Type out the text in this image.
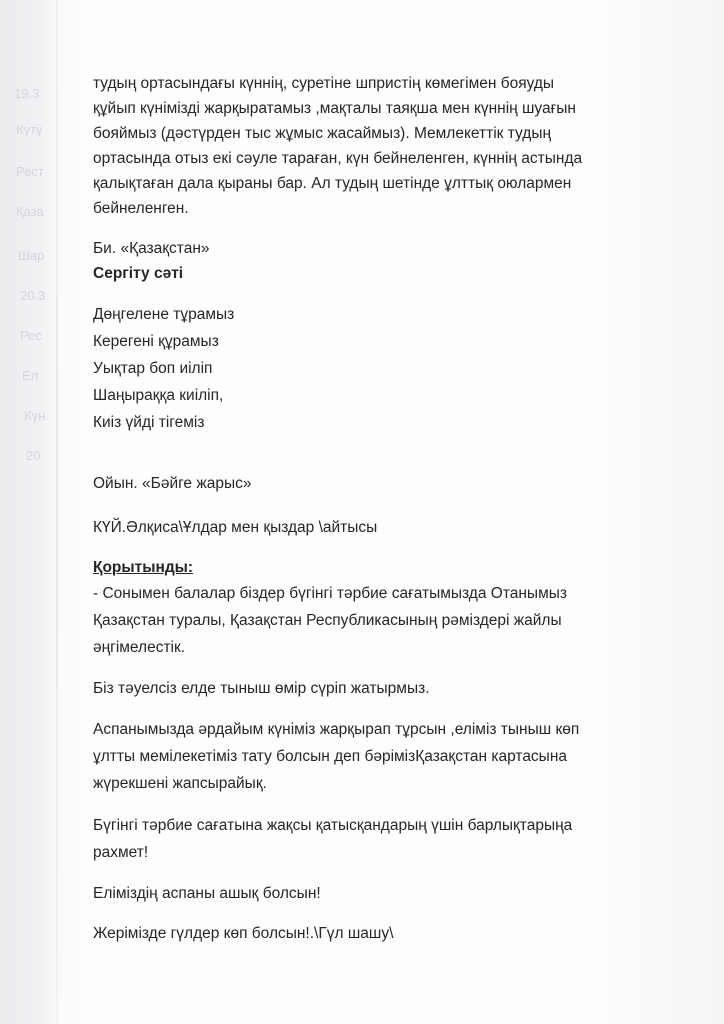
19.3
Күтү
Рест
Қаза
Шар
20.3
Рес
Ел
Күн
20

тудың ортасындағы күннің, суретіне шпристің көмегімен бояуды

құйып күнімізді жарқыратамыз ,мақталы таяқша мен күннің шуағын

бояймыз (дәстүрден тыс жұмыс жасаймыз). Мемлекеттік тудың

ортасында отыз екі сәуле тараған, күн бейнеленген, күннің астында

қалықтаған дала қыраны бар. Ал тудың шетінде ұлттық оюлармен

бейнеленген.

Би. «Қазақстан»

Сергіту сәті

Дөңгелене тұрамыз

Керегені құрамыз

Уықтар боп иіліп

Шаңыраққа киіліп,

Киіз үйді тігеміз

Ойын. «Бәйге жарыс»

КҮЙ.Әлқиса\Ұлдар мен қыздар \айтысы

Қорытынды:

- Сонымен балалар біздер бүгінгі тәрбие сағатымызда Отанымыз

Қазақстан туралы, Қазақстан Республикасының рәміздері жайлы

әңгімелестік.

Біз тәуелсіз елде тыныш өмір сүріп жатырмыз.

Аспанымызда әрдайым күніміз жарқырап тұрсын ,еліміз тыныш көп

ұлтты мемілекетіміз тату болсын деп бәрімізҚазақстан картасына

жүрекшені жапсырайық.

Бүгінгі тәрбие сағатына жақсы қатысқандарың үшін барлықтарыңа

рахмет!

Еліміздің аспаны ашық болсын!

Жерімізде гүлдер көп болсын!.\Гүл шашу\
